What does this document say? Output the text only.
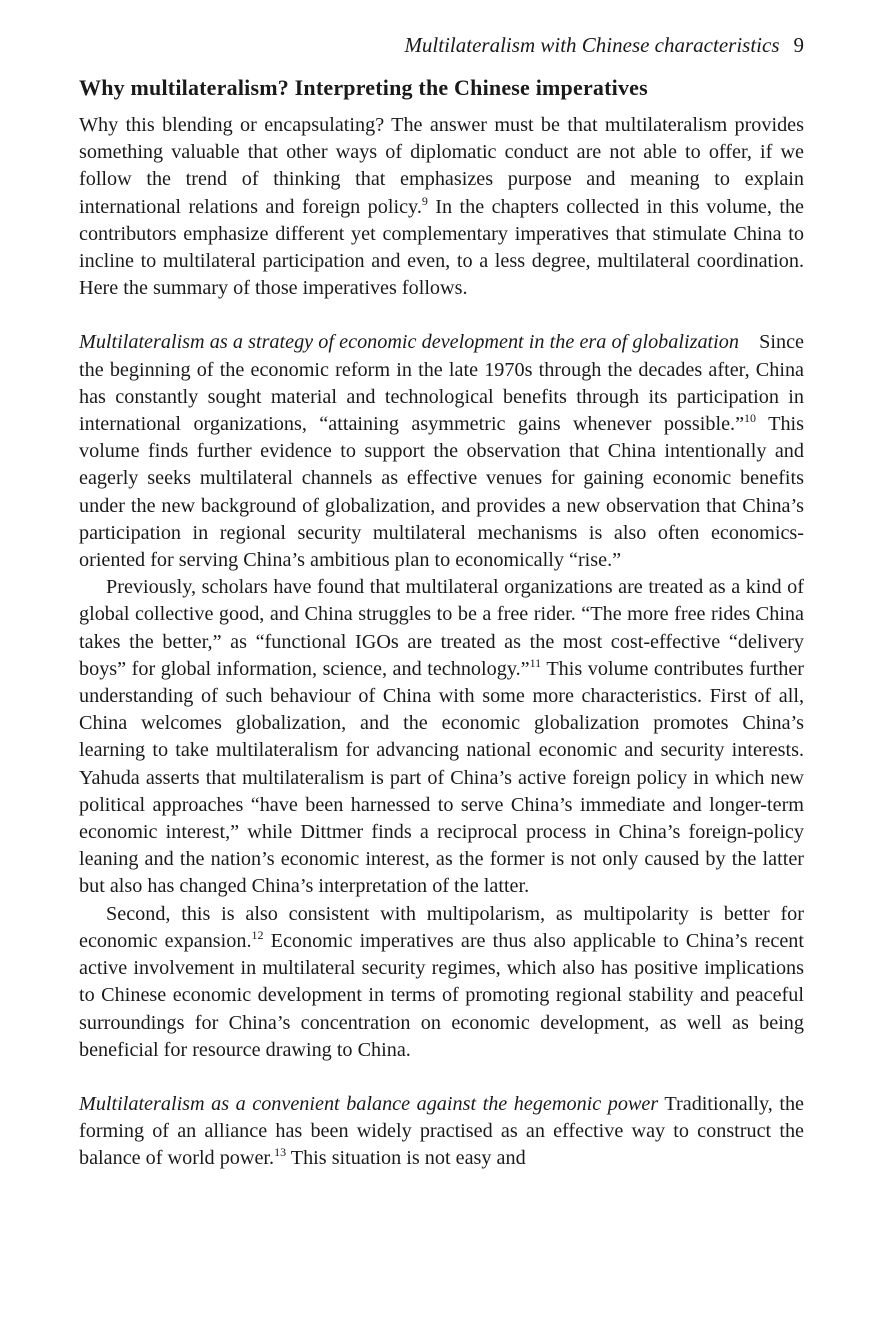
Multilateralism with Chinese characteristics 9
Why multilateralism? Interpreting the Chinese imperatives

Why this blending or encapsulating? The answer must be that multilateralism provides something valuable that other ways of diplomatic conduct are not able to offer, if we follow the trend of thinking that emphasizes purpose and meaning to explain international relations and foreign policy.$^9$ In the chapters collected in this volume, the contributors emphasize different yet complementary imperatives that stimulate China to incline to multilateral participation and even, to a less degree, multilateral coordination. Here the summary of those imperatives follows.

Multilateralism as a strategy of economic development in the era of globalization Since the beginning of the economic reform in the late 1970s through the decades after, China has constantly sought material and technological benefits through its participation in international organizations, “attaining asymmetric gains whenever possible.”$^{10}$ This volume finds further evidence to support the observation that China intentionally and eagerly seeks multilateral channels as effective venues for gaining economic benefits under the new background of globalization, and provides a new observation that China’s participation in regional security multilateral mechanisms is also often economics-oriented for serving China’s ambitious plan to economically “rise.”

Previously, scholars have found that multilateral organizations are treated as a kind of global collective good, and China struggles to be a free rider. “The more free rides China takes the better,” as “functional IGOs are treated as the most cost-effective “delivery boys” for global information, science, and technology.”$^{11}$ This volume contributes further understanding of such behaviour of China with some more characteristics. First of all, China welcomes globalization, and the economic globalization promotes China’s learning to take multilateralism for advancing national economic and security interests. Yahuda asserts that multilateralism is part of China’s active foreign policy in which new political approaches “have been harnessed to serve China’s immediate and longer-term economic interest,” while Dittmer finds a reciprocal process in China’s foreign-policy leaning and the nation’s economic interest, as the former is not only caused by the latter but also has changed China’s interpretation of the latter.

Second, this is also consistent with multipolarism, as multipolarity is better for economic expansion.$^{12}$ Economic imperatives are thus also applicable to China’s recent active involvement in multilateral security regimes, which also has positive implications to Chinese economic development in terms of promoting regional stability and peaceful surroundings for China’s concentration on economic development, as well as being beneficial for resource drawing to China.

Multilateralism as a convenient balance against the hegemonic power Traditionally, the forming of an alliance has been widely practised as an effective way to construct the balance of world power.$^{13}$ This situation is not easy and
